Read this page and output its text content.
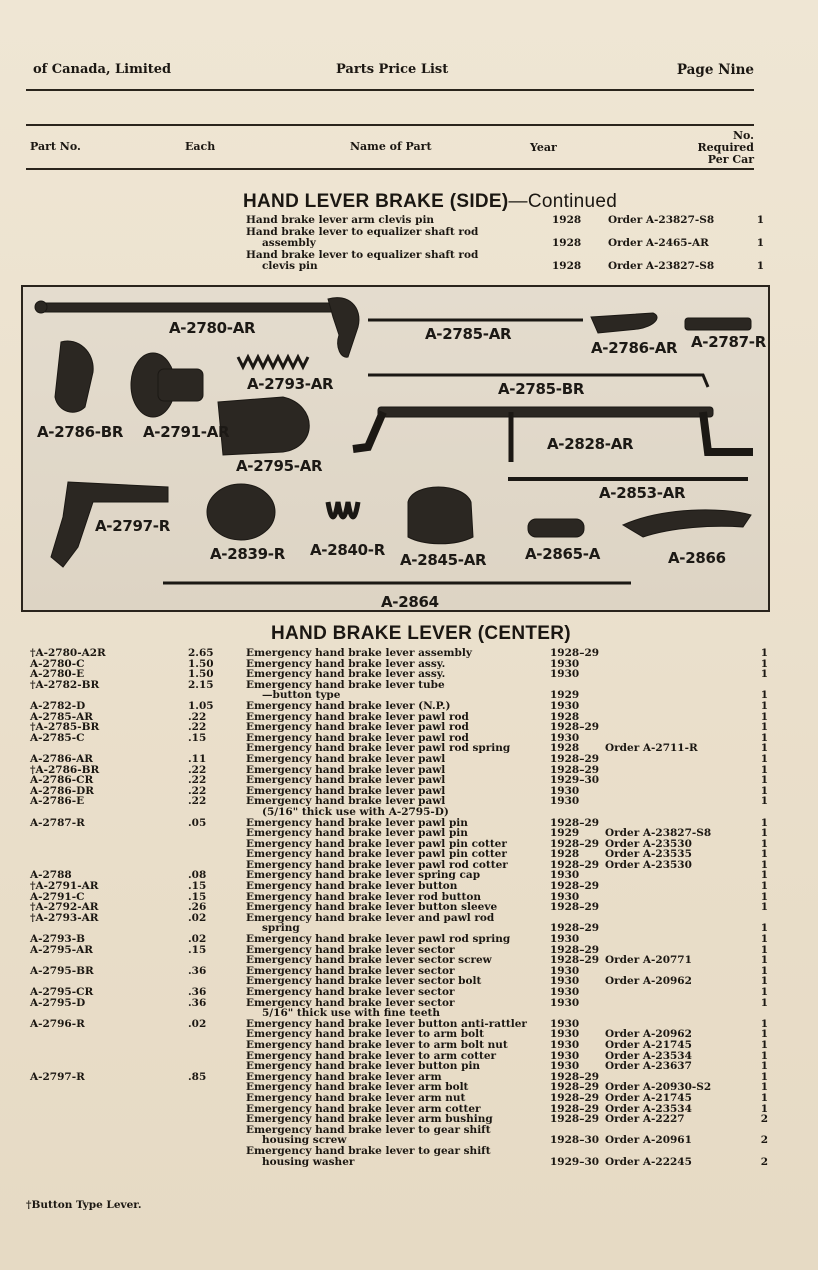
of Canada, Limited	Parts Price List	Page Nine
Part No.	Each	Name of Part	Year
No.
Required
Per Car
HAND LEVER BRAKE (SIDE)—Continued
Hand brake lever arm clevis pin	1928	Order A-23827-S8	1
Hand brake lever to equalizer shaft rod
assembly	1928	Order A-2465-AR	1
Hand brake lever to equalizer shaft rod
clevis pin	1928	Order A-23827-S8	1
A-2780-AR	A-2785-AR
A-2786-AR A-2787-R
A-2793-AR	A-2785-BR
A-2786-BR A-2791-AR
A-2828-AR
A-2795-AR
A-2853-AR
A-2797-R
A-2839-R A-2840-R
A-2845-AR	A-2865-A	A-2866
A-2864
HAND BRAKE LEVER (CENTER)
†A-2780-A2R	2.65	Emergency hand brake lever assembly	1928–29	1
A-2780-C	1.50	Emergency hand brake lever assy.	1930	1
A-2780-E	1.50	Emergency hand brake lever assy.	1930	1
†A-2782-BR	2.15	Emergency hand brake lever tube
—button type	1929	1
A-2782-D	1.05	Emergency hand brake lever (N.P.)	1930	1
A-2785-AR	.22	Emergency hand brake lever pawl rod	1928	1
†A-2785-BR	.22	Emergency hand brake lever pawl rod	1928–29	1
A-2785-C	.15	Emergency hand brake lever pawl rod	1930	1
Emergency hand brake lever pawl rod spring	1928 Order A-2711-R	1
A-2786-AR	.11	Emergency hand brake lever pawl	1928–29	1
†A-2786-BR	.22	Emergency hand brake lever pawl	1928–29	1
A-2786-CR	.22	Emergency hand brake lever pawl	1929–30	1
A-2786-DR	.22	Emergency hand brake lever pawl	1930	1
A-2786-E	.22	Emergency hand brake lever pawl	1930	1
(5/16" thick use with A-2795-D)
A-2787-R	.05	Emergency hand brake lever pawl pin	1928–29	1
Emergency hand brake lever pawl pin	1929 Order A-23827-S8	1
Emergency hand brake lever pawl pin cotter	1928–29 Order A-23530	1
Emergency hand brake lever pawl pin cotter	1928 Order A-23535	1
Emergency hand brake lever pawl rod cotter	1928–29 Order A-23530	1
A-2788	.08	Emergency hand brake lever spring cap	1930	1
†A-2791-AR	.15	Emergency hand brake lever button	1928–29	1
A-2791-C	.15	Emergency hand brake lever rod button	1930	1
†A-2792-AR	.26	Emergency hand brake lever button sleeve	1928–29	1
†A-2793-AR	.02	Emergency hand brake lever and pawl rod
spring	1928–29	1
A-2793-B	.02	Emergency hand brake lever pawl rod spring	1930	1
A-2795-AR	.15	Emergency hand brake lever sector	1928–29	1
Emergency hand brake lever sector screw	1928–29 Order A-20771	1
A-2795-BR	.36	Emergency hand brake lever sector	1930	1
Emergency hand brake lever sector bolt	1930 Order A-20962	1
A-2795-CR	.36	Emergency hand brake lever sector	1930	1
A-2795-D	.36	Emergency hand brake lever sector	1930	1
5/16" thick use with fine teeth
A-2796-R	.02	Emergency hand brake lever button anti-rattler 1930	1
Emergency hand brake lever to arm bolt	1930 Order A-20962	1
Emergency hand brake lever to arm bolt nut	1930 Order A-21745	1
Emergency hand brake lever to arm cotter	1930 Order A-23534	1
Emergency hand brake lever button pin	1930 Order A-23637	1
A-2797-R	.85	Emergency hand brake lever arm	1928–29	1
Emergency hand brake lever arm bolt	1928–29 Order A-20930-S2	1
Emergency hand brake lever arm nut	1928–29 Order A-21745	1
Emergency hand brake lever arm cotter	1928–29 Order A-23534	1
Emergency hand brake lever arm bushing	1928–29 Order A-2227	2
Emergency hand brake lever to gear shift
housing screw	1928–30 Order A-20961	2
Emergency hand brake lever to gear shift
housing washer	1929–30 Order A-22245	2
†Button Type Lever.
